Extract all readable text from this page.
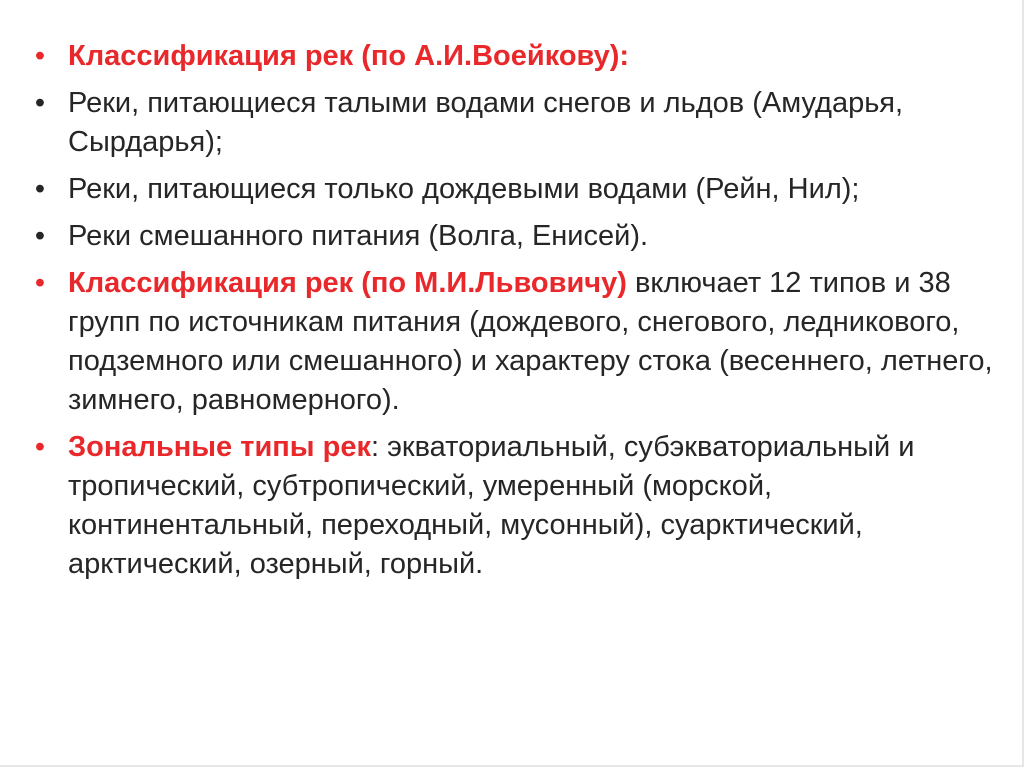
• Классификация рек (по А.И.Воейкову):
• Реки, питающиеся талыми водами снегов и льдов (Амударья, Сырдарья);
• Реки, питающиеся только дождевыми водами (Рейн, Нил);
• Реки смешанного питания (Волга, Енисей).
• Классификация рек (по М.И.Львовичу) включает 12 типов и 38 групп по источникам питания (дождевого, снегового, ледникового, подземного или смешанного) и характеру стока (весеннего, летнего, зимнего, равномерного).
• Зональные типы рек: экваториальный, субэкваториальный и тропический, субтропический, умеренный (морской, континентальный, переходный, мусонный), суарктический, арктический, озерный, горный.
